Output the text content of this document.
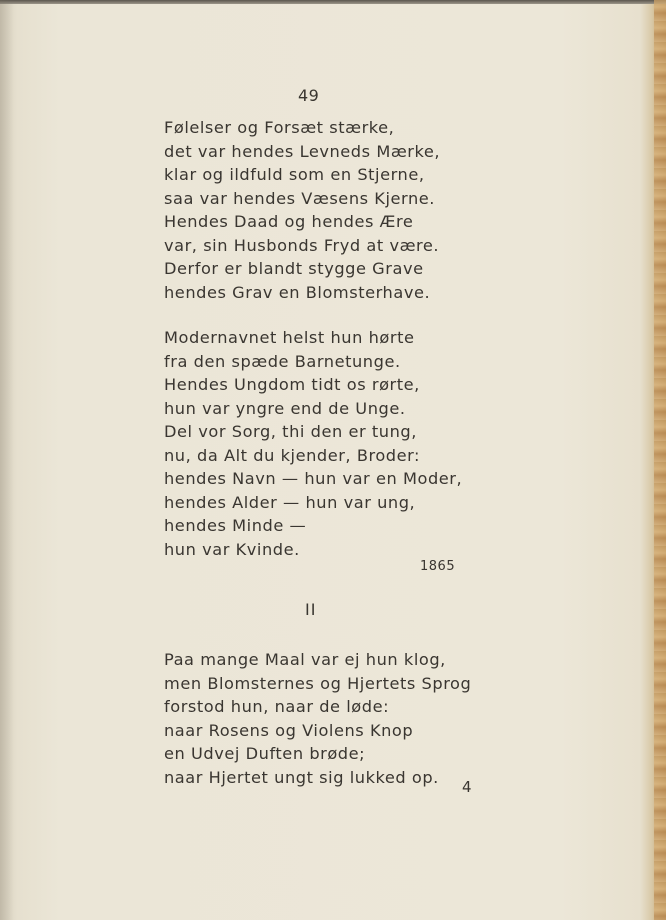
49
Følelser og Forsæt stærke,
det var hendes Levneds Mærke,
klar og ildfuld som en Stjerne,
saa var hendes Væsens Kjerne.
Hendes Daad og hendes Ære
var, sin Husbonds Fryd at være.
Derfor er blandt stygge Grave
hendes Grav en Blomsterhave.
Modernavnet helst hun hørte
fra den spæde Barnetunge.
Hendes Ungdom tidt os rørte,
hun var yngre end de Unge.
Del vor Sorg, thi den er tung,
nu, da Alt du kjender, Broder:
hendes Navn — hun var en Moder,
hendes Alder — hun var ung,
hendes Minde —
hun var Kvinde.
1865
II
Paa mange Maal var ej hun klog,
men Blomsternes og Hjertets Sprog
forstod hun, naar de løde:
naar Rosens og Violens Knop
en Udvej Duften brøde;
naar Hjertet ungt sig lukked op.
4
